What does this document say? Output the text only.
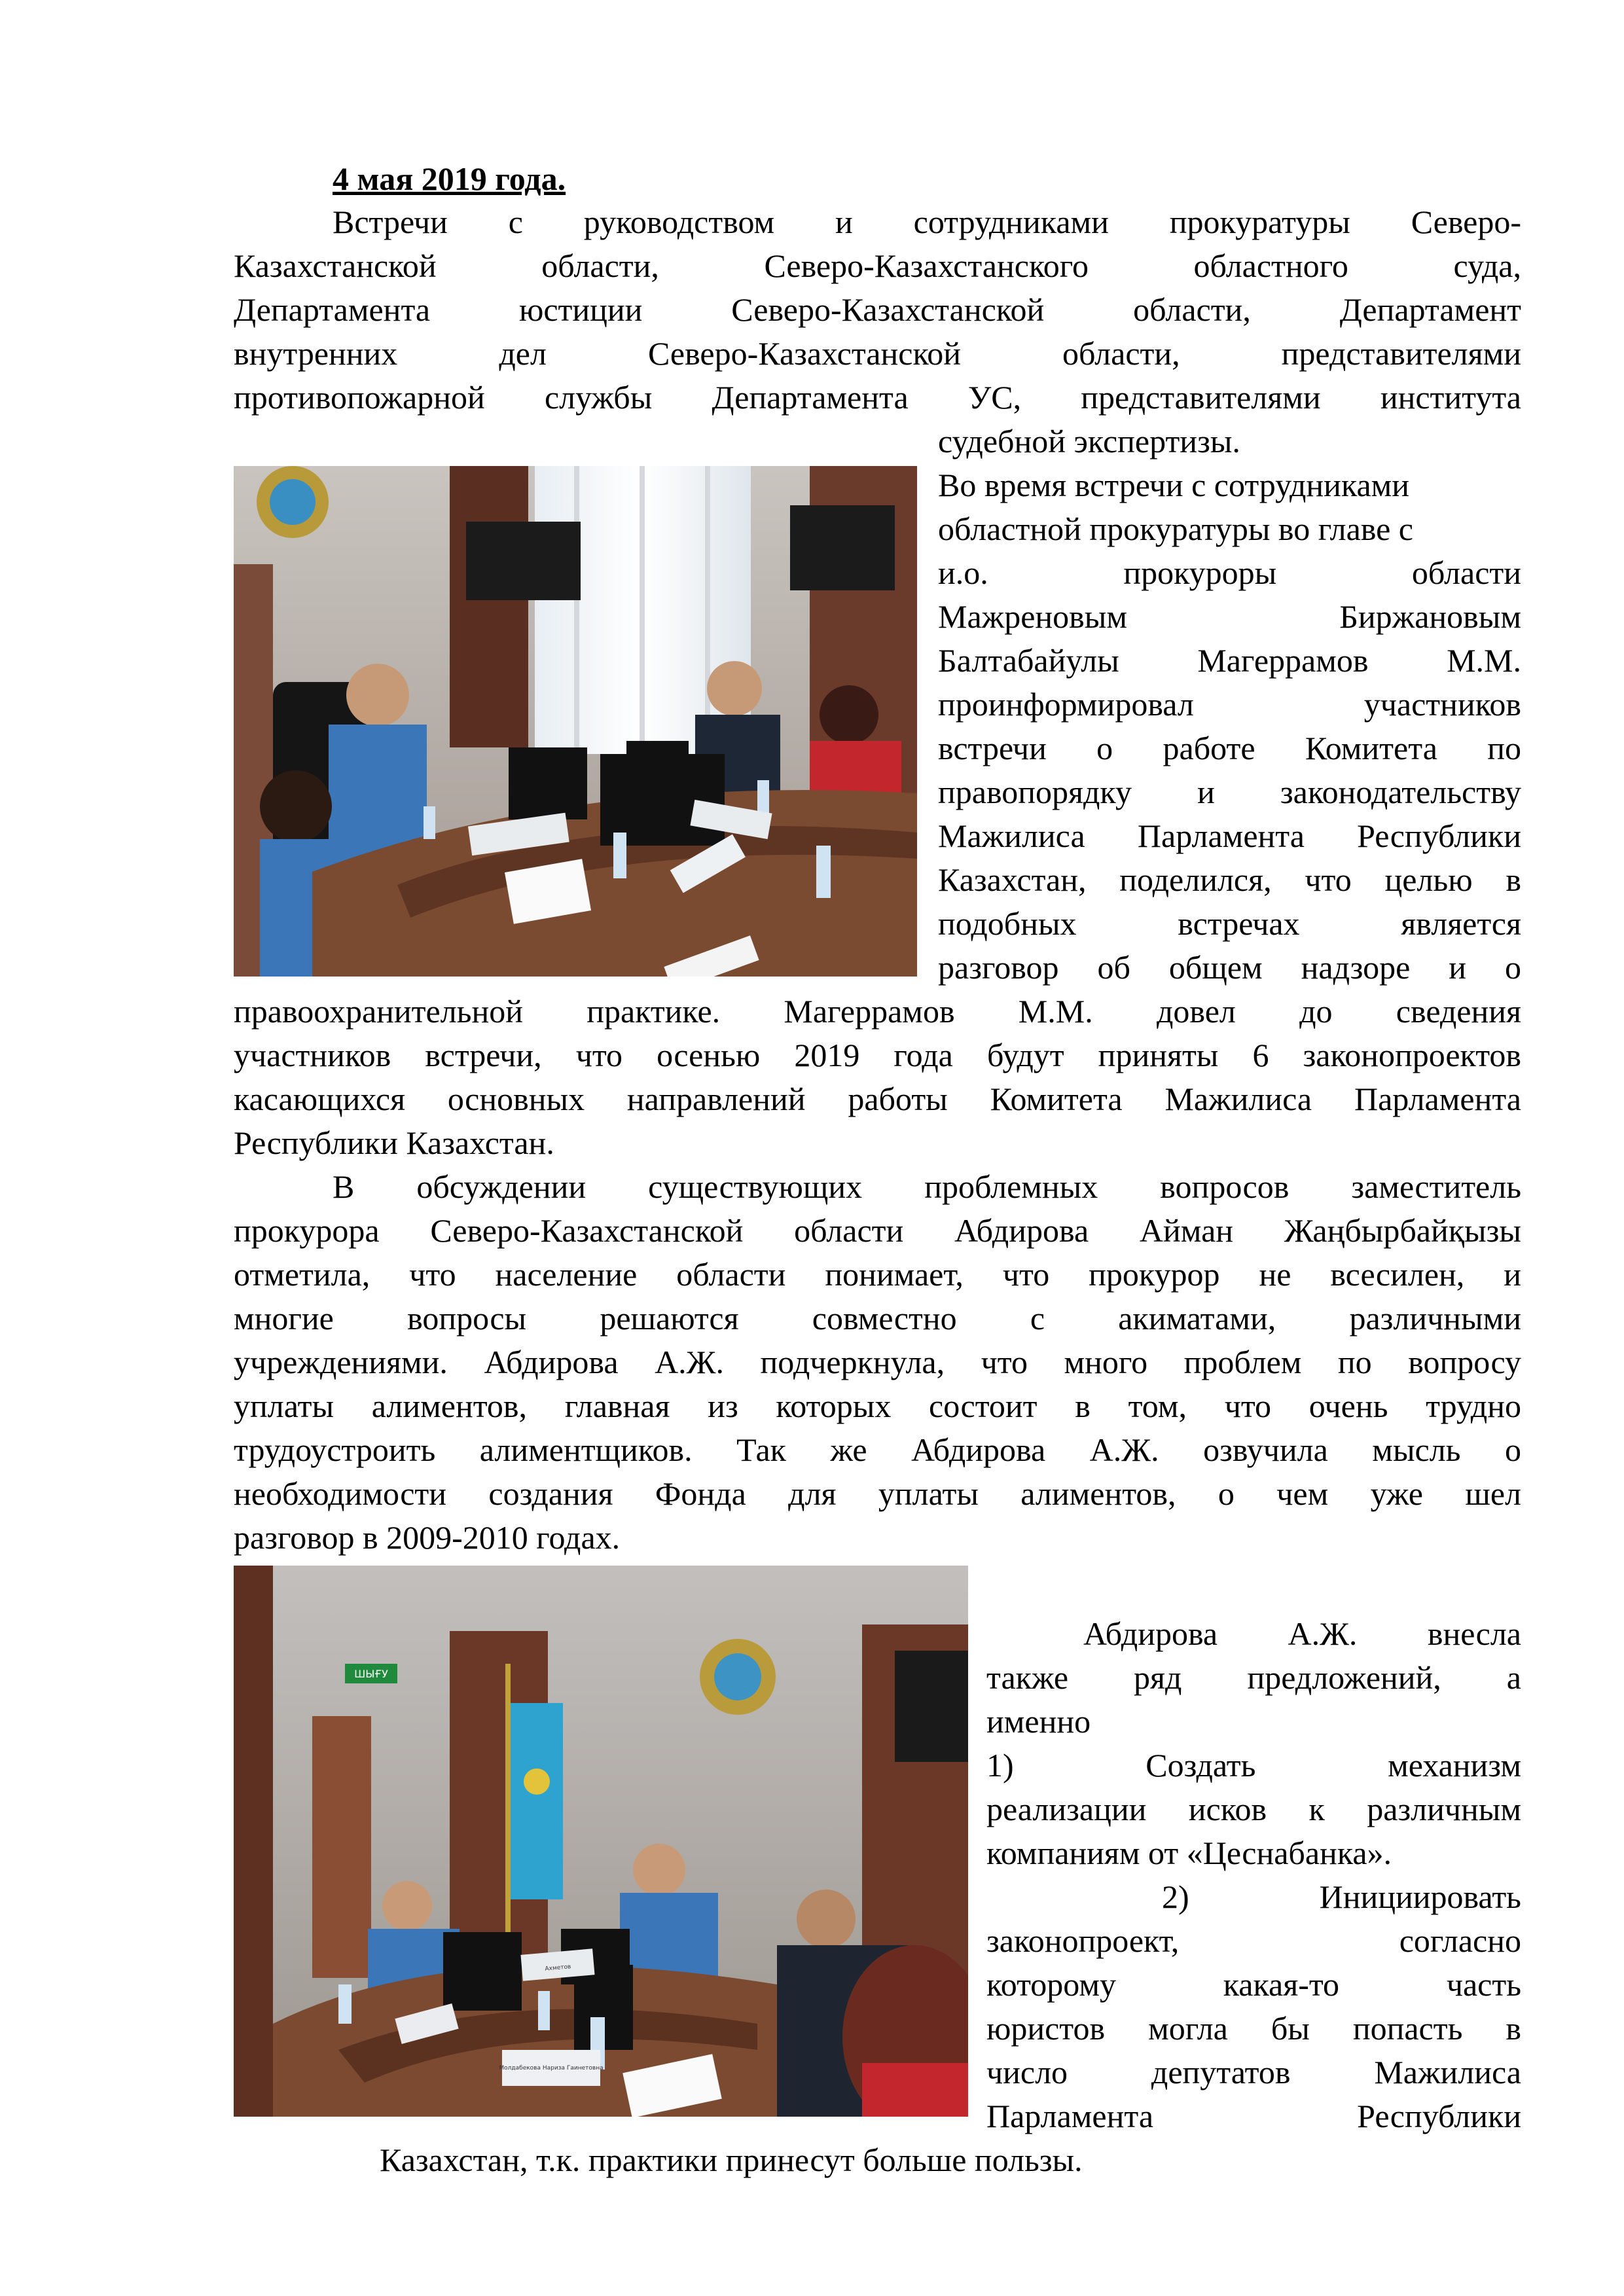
4 мая 2019 года.
Встречи с руководством и сотрудниками прокуратуры Северо-
Казахстанской области, Северо-Казахстанского областного суда,
Департамента юстиции Северо-Казахстанской области, Департамент
внутренних дел Северо-Казахстанской области, представителями
противопожарной службы Департамента УС, представителями института
судебной экспертизы.
Во время встречи с сотрудниками
областной прокуратуры во главе с
и.о. прокуроры области
Мажреновым Биржановым
Балтабайулы Магеррамов М.М.
проинформировал участников
встречи о работе Комитета по
правопорядку и законодательству
Мажилиса Парламента Республики
Казахстан, поделился, что целью в
подобных встречах является
разговор об общем надзоре и о
правоохранительной практике. Магеррамов М.М. довел до сведения
участников встречи, что осенью 2019 года будут приняты 6 законопроектов
касающихся основных направлений работы Комитета Мажилиса Парламента
Республики Казахстан.
В обсуждении существующих проблемных вопросов заместитель
прокурора Северо-Казахстанской области Абдирова Айман Жаңбырбайқызы
отметила, что население области понимает, что прокурор не всесилен, и
многие вопросы решаются совместно с акиматами, различными
учреждениями. Абдирова А.Ж. подчеркнула, что много проблем по вопросу
уплаты алиментов, главная из которых состоит в том, что очень трудно
трудоустроить алиментщиков. Так же Абдирова А.Ж. озвучила мысль о
необходимости создания Фонда для уплаты алиментов, о чем уже шел
разговор в 2009-2010 годах.
ШЫҒУ
Ахметов
Молдабекова Нариза Гаинетовна
Абдирова А.Ж. внесла
также ряд предложений, а
именно
1) Создать механизм
реализации исков к различным
компаниям от «Цеснабанка».
2) Инициировать
законопроект, согласно
которому какая-то часть
юристов могла бы попасть в
число депутатов Мажилиса
Парламента Республики
Казахстан, т.к. практики принесут больше пользы.
